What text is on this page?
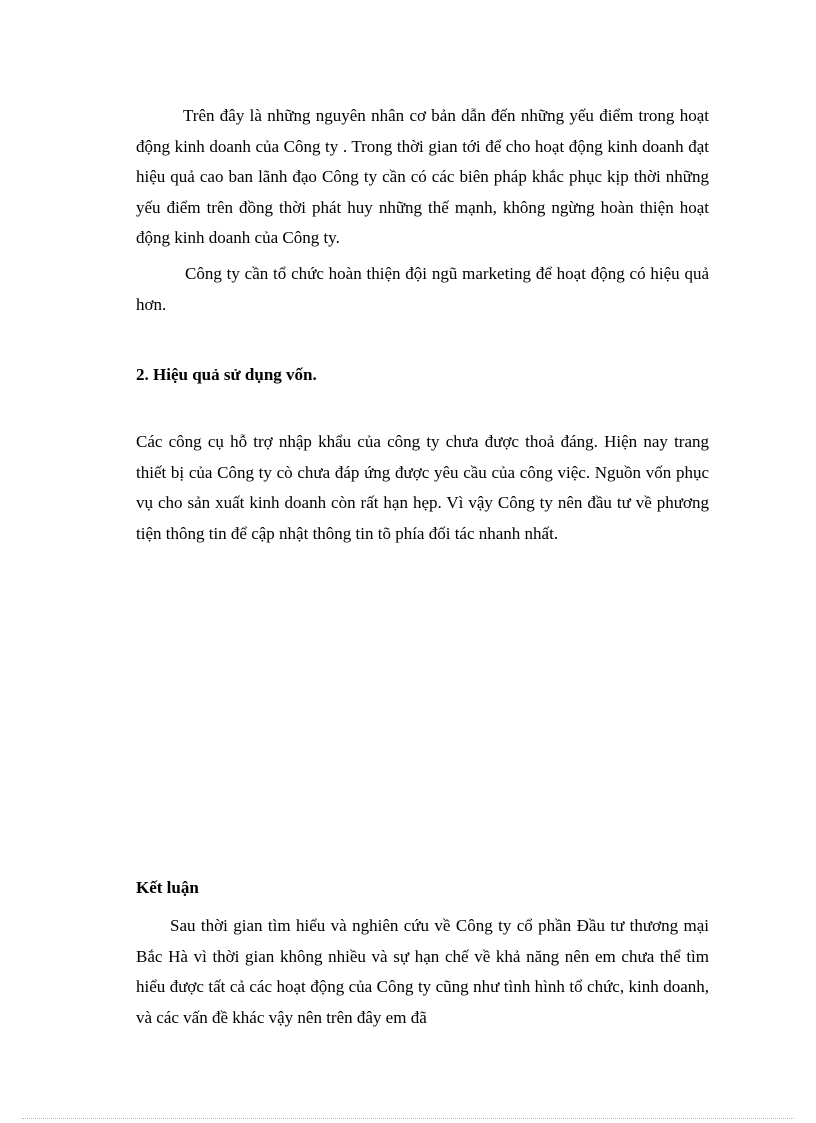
Trên đây là những nguyên nhân cơ bản dẫn đến những yếu điểm trong hoạt động kinh doanh của Công ty . Trong thời gian tới để cho hoạt động kinh doanh đạt hiệu quả cao ban lãnh đạo Công ty cần có các biên pháp khắc phục kịp thời những yếu điểm trên đồng thời phát huy những thế mạnh, không ngừng hoàn thiện hoạt động kinh doanh của Công ty.

Công ty cần tổ chức hoàn thiện đội ngũ marketing để hoạt động có hiệu quả hơn.

2. Hiệu quả sử dụng vốn.

Các công cụ hỗ trợ nhập khẩu của công ty chưa được thoả đáng. Hiện nay trang thiết bị của Công ty cò chưa đáp ứng được yêu cầu của công việc. Nguồn vốn phục vụ cho sản xuất kinh doanh còn rất hạn hẹp. Vì vậy Công ty nên đầu tư về phương tiện thông tin để cập nhật thông tin tõ phía đối tác nhanh nhất.

Kết luận

Sau thời gian tìm hiểu và nghiên cứu về Công ty cổ phần Đầu tư thương mại Bắc Hà vì thời gian không nhiều và sự hạn chế về khả năng nên em chưa thể tìm hiểu được tất cả các hoạt động của Công ty cũng như tình hình tổ chức, kinh doanh, và các vấn đề khác vậy nên trên đây em đã
